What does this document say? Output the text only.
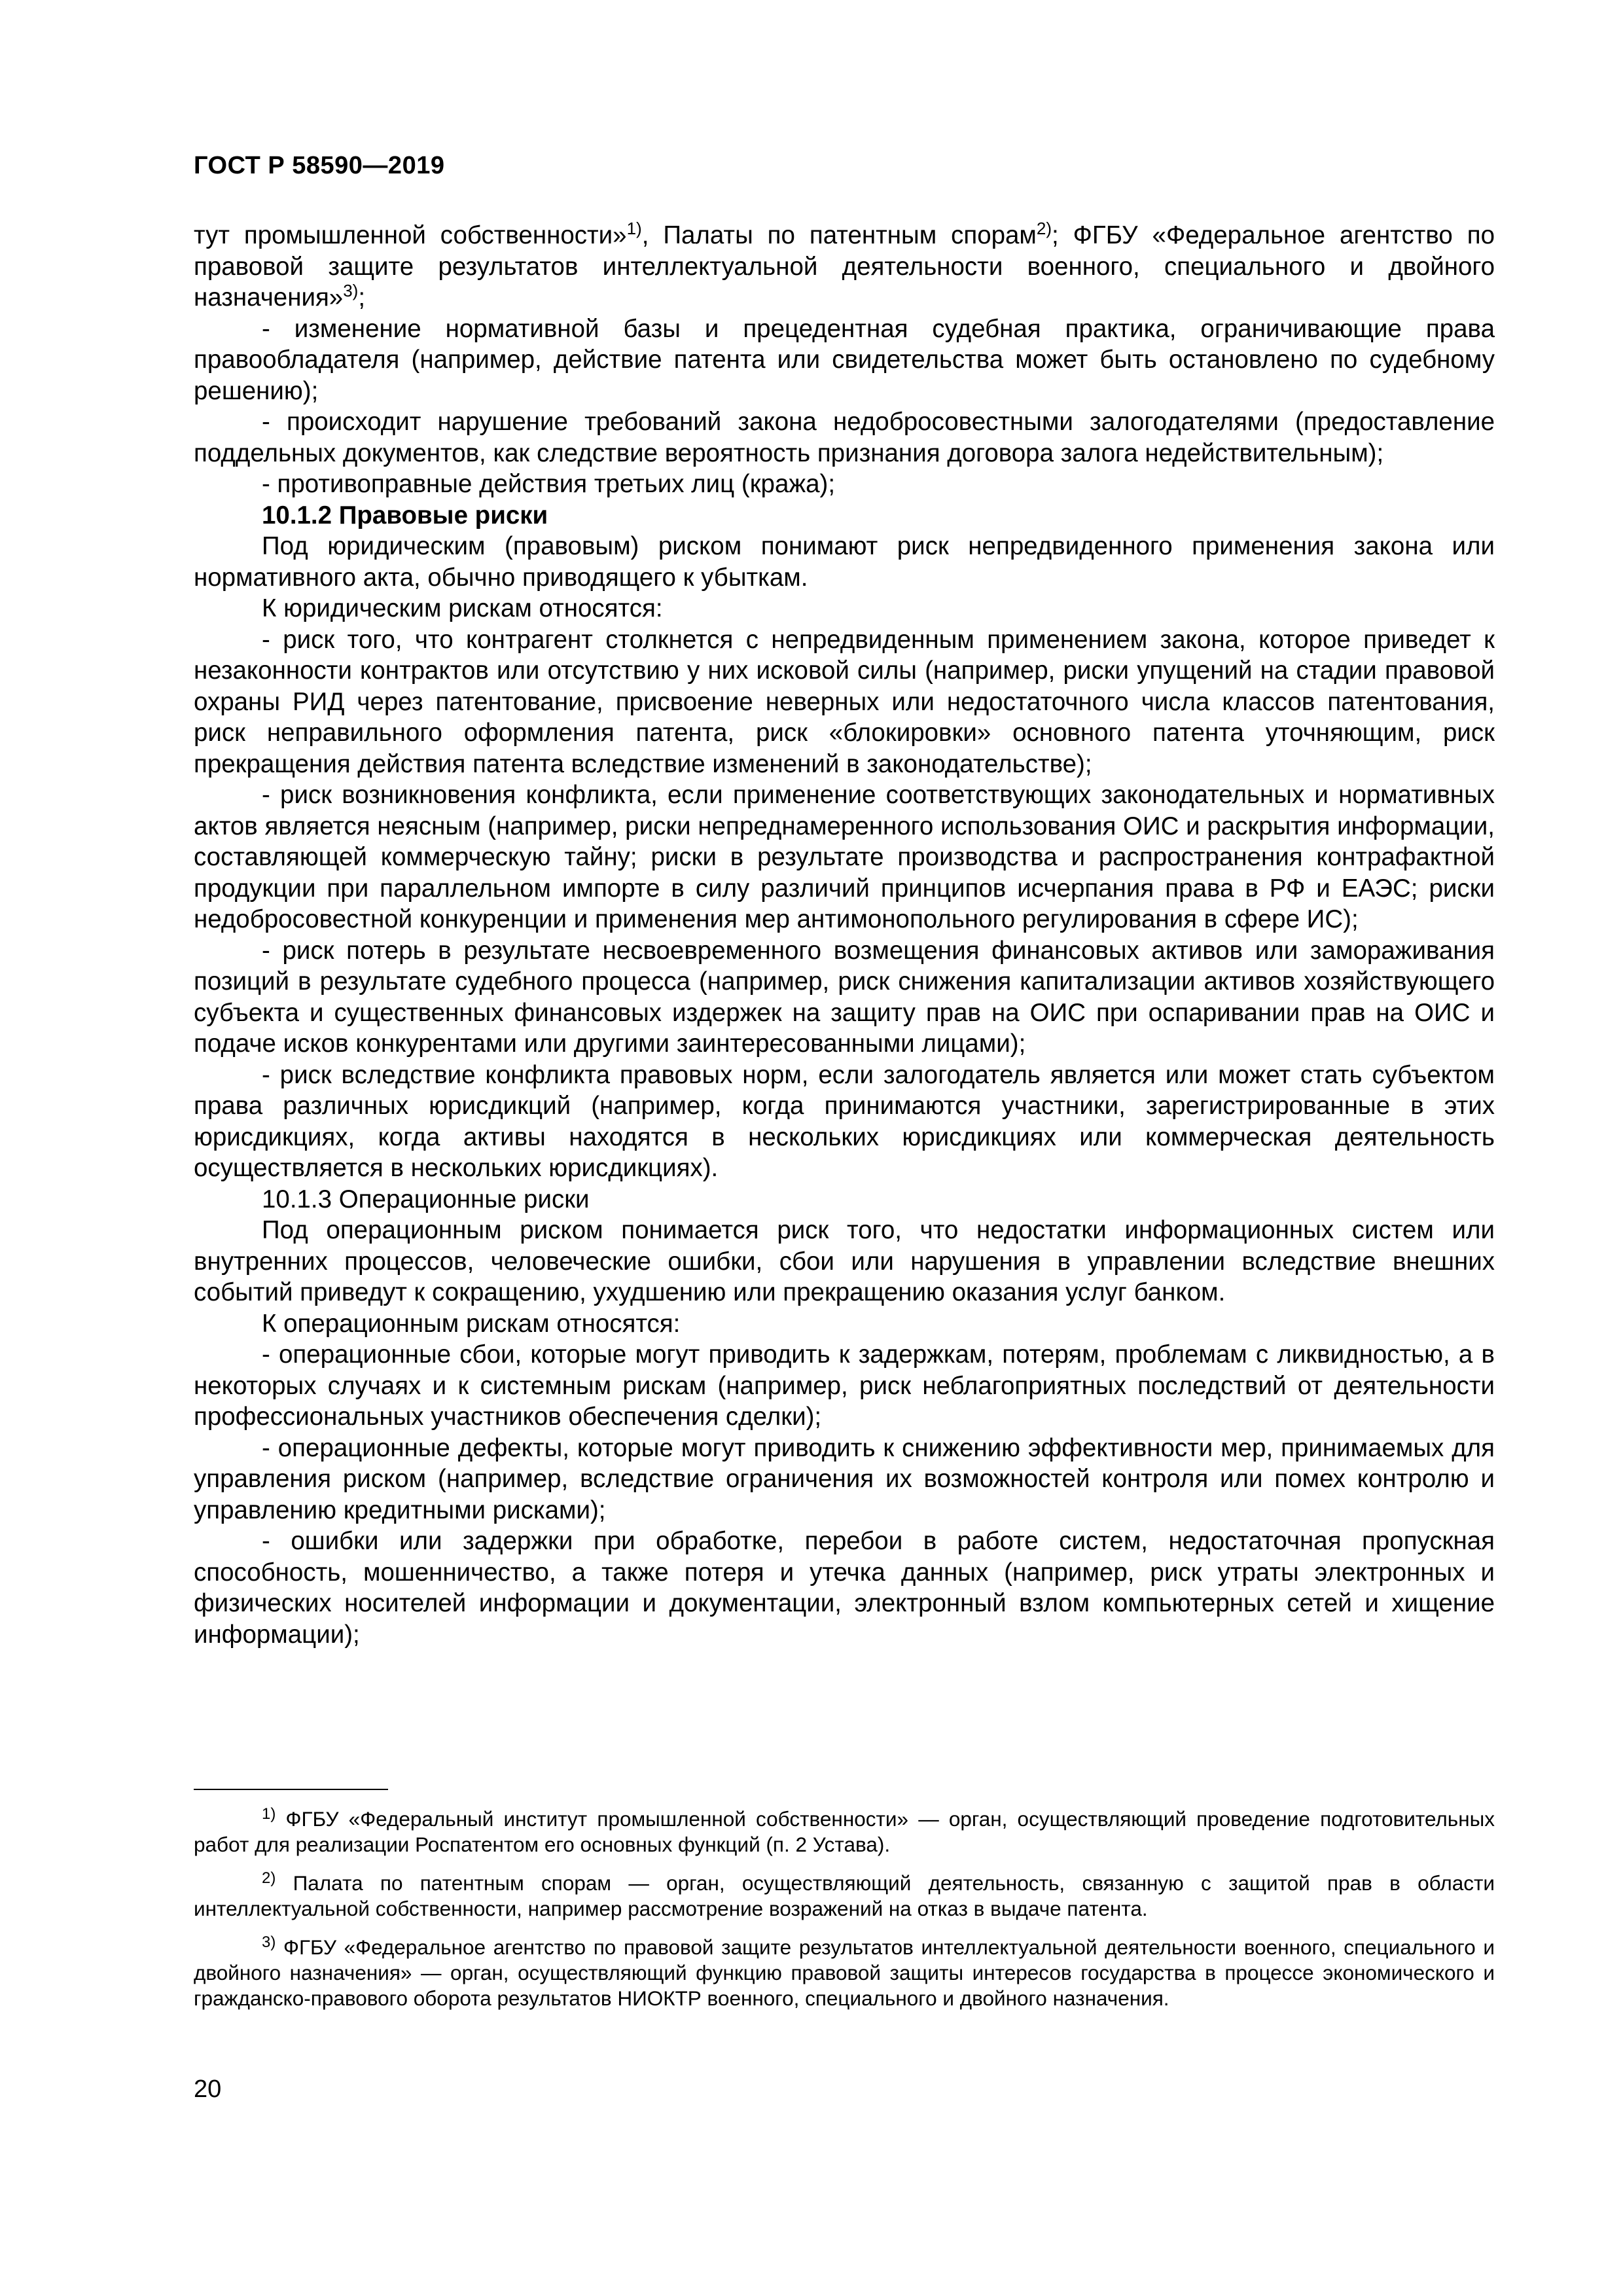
ГОСТ Р 58590—2019

тут промышленной собственности»$^{1)}$, Палаты по патентным спорам$^{2)}$; ФГБУ «Федеральное агентство по правовой защите результатов интеллектуальной деятельности военного, специального и двойного назначения»$^{3)}$;

- изменение нормативной базы и прецедентная судебная практика, ограничивающие права правообладателя (например, действие патента или свидетельства может быть остановлено по судебному решению);

- происходит нарушение требований закона недобросовестными залогодателями (предоставление поддельных документов, как следствие вероятность признания договора залога недействительным);

- противоправные действия третьих лиц (кража);

10.1.2 Правовые риски

Под юридическим (правовым) риском понимают риск непредвиденного применения закона или нормативного акта, обычно приводящего к убыткам.

К юридическим рискам относятся:

- риск того, что контрагент столкнется с непредвиденным применением закона, которое приведет к незаконности контрактов или отсутствию у них исковой силы (например, риски упущений на стадии правовой охраны РИД через патентование, присвоение неверных или недостаточного числа классов патентования, риск неправильного оформления патента, риск «блокировки» основного патента уточняющим, риск прекращения действия патента вследствие изменений в законодательстве);

- риск возникновения конфликта, если применение соответствующих законодательных и нормативных актов является неясным (например, риски непреднамеренного использования ОИС и раскрытия информации, составляющей коммерческую тайну; риски в результате производства и распространения контрафактной продукции при параллельном импорте в силу различий принципов исчерпания права в РФ и ЕАЭС; риски недобросовестной конкуренции и применения мер антимонопольного регулирования в сфере ИС);

- риск потерь в результате несвоевременного возмещения финансовых активов или замораживания позиций в результате судебного процесса (например, риск снижения капитализации активов хозяйствующего субъекта и существенных финансовых издержек на защиту прав на ОИС при оспаривании прав на ОИС и подаче исков конкурентами или другими заинтересованными лицами);

- риск вследствие конфликта правовых норм, если залогодатель является или может стать субъектом права различных юрисдикций (например, когда принимаются участники, зарегистрированные в этих юрисдикциях, когда активы находятся в нескольких юрисдикциях или коммерческая деятельность осуществляется в нескольких юрисдикциях).

10.1.3 Операционные риски

Под операционным риском понимается риск того, что недостатки информационных систем или внутренних процессов, человеческие ошибки, сбои или нарушения в управлении вследствие внешних событий приведут к сокращению, ухудшению или прекращению оказания услуг банком.

К операционным рискам относятся:

- операционные сбои, которые могут приводить к задержкам, потерям, проблемам с ликвидностью, а в некоторых случаях и к системным рискам (например, риск неблагоприятных последствий от деятельности профессиональных участников обеспечения сделки);

- операционные дефекты, которые могут приводить к снижению эффективности мер, принимаемых для управления риском (например, вследствие ограничения их возможностей контроля или помех контролю и управлению кредитными рисками);

- ошибки или задержки при обработке, перебои в работе систем, недостаточная пропускная способность, мошенничество, а также потеря и утечка данных (например, риск утраты электронных и физических носителей информации и документации, электронный взлом компьютерных сетей и хищение информации);

$^{1)}$ ФГБУ «Федеральный институт промышленной собственности» — орган, осуществляющий проведение подготовительных работ для реализации Роспатентом его основных функций (п. 2 Устава).

$^{2)}$ Палата по патентным спорам — орган, осуществляющий деятельность, связанную с защитой прав в области интеллектуальной собственности, например рассмотрение возражений на отказ в выдаче патента.

$^{3)}$ ФГБУ «Федеральное агентство по правовой защите результатов интеллектуальной деятельности военного, специального и двойного назначения» — орган, осуществляющий функцию правовой защиты интересов государства в процессе экономического и гражданско-правового оборота результатов НИОКТР военного, специального и двойного назначения.

20
